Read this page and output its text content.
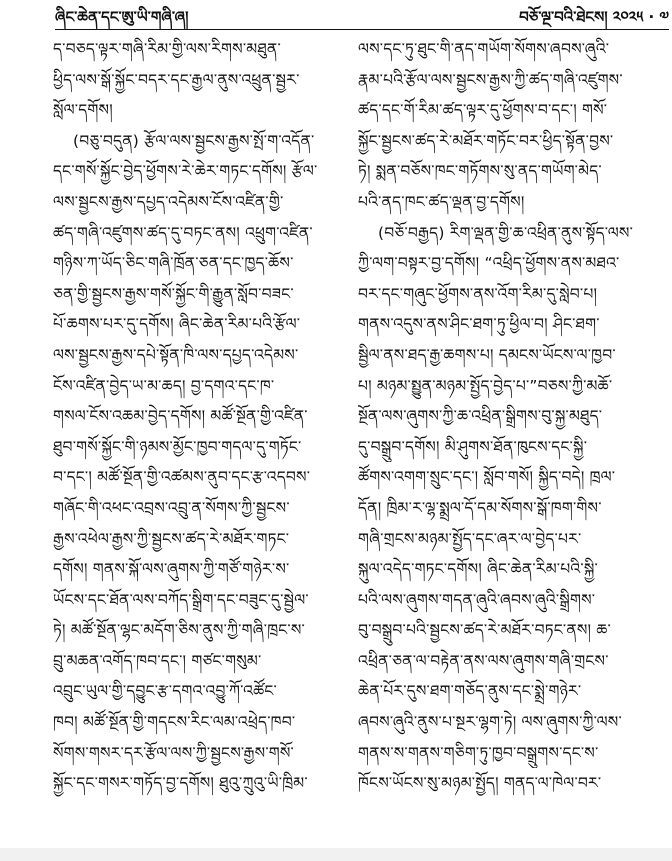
ཞིང་ཆེན་དང་ཨུ་ཡི་གཞི་ཞ།	བཅོ་ལྔ་བའི་ཐེངས། ༢༠༢༥ · ༧
ད་བཅད་ལྟར་གཞི་རིམ་གྱི་ལས་རིགས་མཐུན་
ཕྱིད་ལས་སྒོ་སྐྱོང་བདར་དང་རྒྱལ་ནུས་འཕྲུན་སྦྱར་
སློལ་དགོས།
(བཅུ་བདུན) རྩོལ་ལས་སྦྱངས་རྒྱས་སྤོ་ག་འདོན་
དང་གསོ་སྐྱོང་བྱེད་ཕྱོགས་རེ་ཆེར་གཏང་དགོས། རྩོལ་
ལས་སྦྱངས་རྒྱས་དཔྱད་འདེམས་ངོས་འཛིན་གྱི་
ཚད་གཞི་འཛུགས་ཚད་དུ་བཏང་ནས། འཕྲུག་འཛིན་
གཉིས་ཀ་ཡོད་ཅིང་གཞི་ཁྲོན་ཅན་དང་ཁྱད་ཆོས་
ཅན་གྱི་སྦྱངས་རྒྱས་གསོ་སྐྱོང་གི་རྒྱུན་སློབ་བཟང་
པོ་ཆགས་པར་དུ་དགོས། ཞིང་ཆེན་རིམ་པའི་རྩོལ་
ལས་སྦྱངས་རྒྱས་དཔེ་སྟོན་ཁི་ལས་དཔྱད་འདེམས་
ངོས་འཛིན་བྱེད་ཡ་མ་ཆད། བྱ་དགའ་དང་ཁ་
གསལ་ངོས་འཆམ་བྱེད་དགོས། མཚོ་སྔོན་གྱི་འཛིན་
ཐུབ་གསོ་སྐྱོང་གི་ཉམས་མྱོང་ཁྱབ་གདལ་དུ་གཏོང་
བ་དང་། མཚོ་སྔོན་གྱི་འཚམས་ནུབ་དང་རྩ་འདབས་
གཞོང་གི་འཕང་འབྲས་འབྲུ་ན་སོགས་ཀྱི་སྦྱངས་
རྒྱས་འཕེལ་རྒྱས་ཀྱི་སྦྱངས་ཚད་རེ་མཐོར་གཏང་
དགོས། གནས་སྐོ་ལས་ཞུགས་ཀྱི་གཙོ་གཉེར་ས་
ཡོངས་དང་ཐོན་ལས་བཀོད་སྒྲིག་དང་བཟུང་དུ་སྦྱེལ་
ཏེ། མཚོ་སྔོན་ལྷང་མདོག་ཅིས་ནུས་ཀྱི་གཞི་ཁྲང་ས་
བྲུ་མཆན་འགོད་ཁབ་དང་། གཙང་གསུམ་
འབྲུང་ཡུལ་གྱི་དབྱུང་རྩ་དགའ་འབྱུ་ཀོ་འཚོང་
ཁབ། མཚོ་སྔོན་གྱི་གདངས་རིང་ལམ་འཕྲེད་ཁབ་
སོགས་གསར་དར་རྩོལ་ལས་ཀྱི་སྦྱངས་རྒྱས་གསོ་
སྐྱོང་དང་གསར་གཏོད་བྱ་དགོས། ཐུའུ་ཀྲུའུ་ཡི་ཁྲིམ་
ལས་དང་ཏུ་ཐུང་གི་ནད་གཡོག་སོགས་ཞབས་ཞུའི་
རྣམ་པའི་རྩོལ་ལས་སྦྱངས་རྒྱས་ཀྱི་ཚད་གཞི་འཛུགས་
ཚད་དང་གོ་རིམ་ཚད་ལྟར་དུ་ཕྱོགས་བ་དང་། གསོ་
སྐྱོང་སྦྱངས་ཚད་རེ་མཐོར་གཏོང་བར་ཕྱིད་སྟོན་བྱས་
ཏེ། སྨན་བཅོས་ཁང་གཏོགས་སུ་ནད་གཡོག་མེད་
པའི་ནད་ཁང་ཚད་ལྡན་བྱ་དགོས།
(བཅོ་བརྒྱད) རིག་ལྡན་གྱི་ཆ་འཕྲིན་ནུས་སྟོད་ལས་
ཀྱི་ལག་བསྟར་བྱ་དགོས། “འཕྲིད་ཕྱོགས་ནས་མཐའ་
བར་དང་གཞུང་ཕྱོགས་ནས་འོག་རིམ་དུ་སླེབ་པ།
གནས་འདུས་ནས་ཤིང་ཐག་ཏུ་ཕྱིལ་བ། ཤིང་ཐག་
སྦྱིལ་ནས་ཐད་རྒྱ་ཆགས་པ། དམངས་ཡོངས་ལ་ཁྱབ་
པ། མཉམ་སྤྱུན་མཉམ་སྤྱོད་བྱེད་པ་”བཅས་ཀྱི་མཆོ་
སྔོན་ལས་ཞུགས་ཀྱི་ཆ་འཕྲིན་སྒྲིགས་བུ་སྐྱ་མཐུད་
དུ་བསྒྲུབ་དགོས། མི་ཤུགས་ཐོན་ཁུངས་དང་སྐྱི་
ཚོགས་འགག་སྲུང་དང་། སློབ་གསོ། སྐྱིད་བདེ། ཁྲལ་
དོན། ཁྲིམ་ར་ལྷ་སྨྲལ་དོ་དམ་སོགས་སྒོ་ཁག་གིས་
གཞི་གྲངས་མཉམ་སྤྱོད་དང་ཞར་ལ་བྱེད་པར་
སྐུལ་འདེད་གཏང་དགོས། ཞིང་ཆེན་རིམ་པའི་སྐྱི་
པའི་ལས་ཞུགས་གདན་ཞུའི་ཞབས་ཞུའི་སྒྲིགས་
བུ་བསྒྲུབ་པའི་སྦྱངས་ཚད་རེ་མཐོར་བཏང་ནས། ཆ་
འཕྲིན་ཅན་ལ་བརྟེན་ནས་ལས་ཞུགས་གཞི་གྲངས་
ཆེན་པོར་དུས་ཐག་གཅོད་ནུས་དང་སྨྲེ་གཉེར་
ཞབས་ཞུའི་ནུས་པ་སྔར་ལྷག་ཏེ། ལས་ཞུགས་ཀྱི་ལས་
གནས་ས་གནས་གཅིག་ཏུ་ཁྱབ་བསྒྲུགས་དང་ས་
ཁོངས་ཡོངས་སུ་མཉམ་སྤྱོད། གནད་ལ་ཁེལ་བར་
